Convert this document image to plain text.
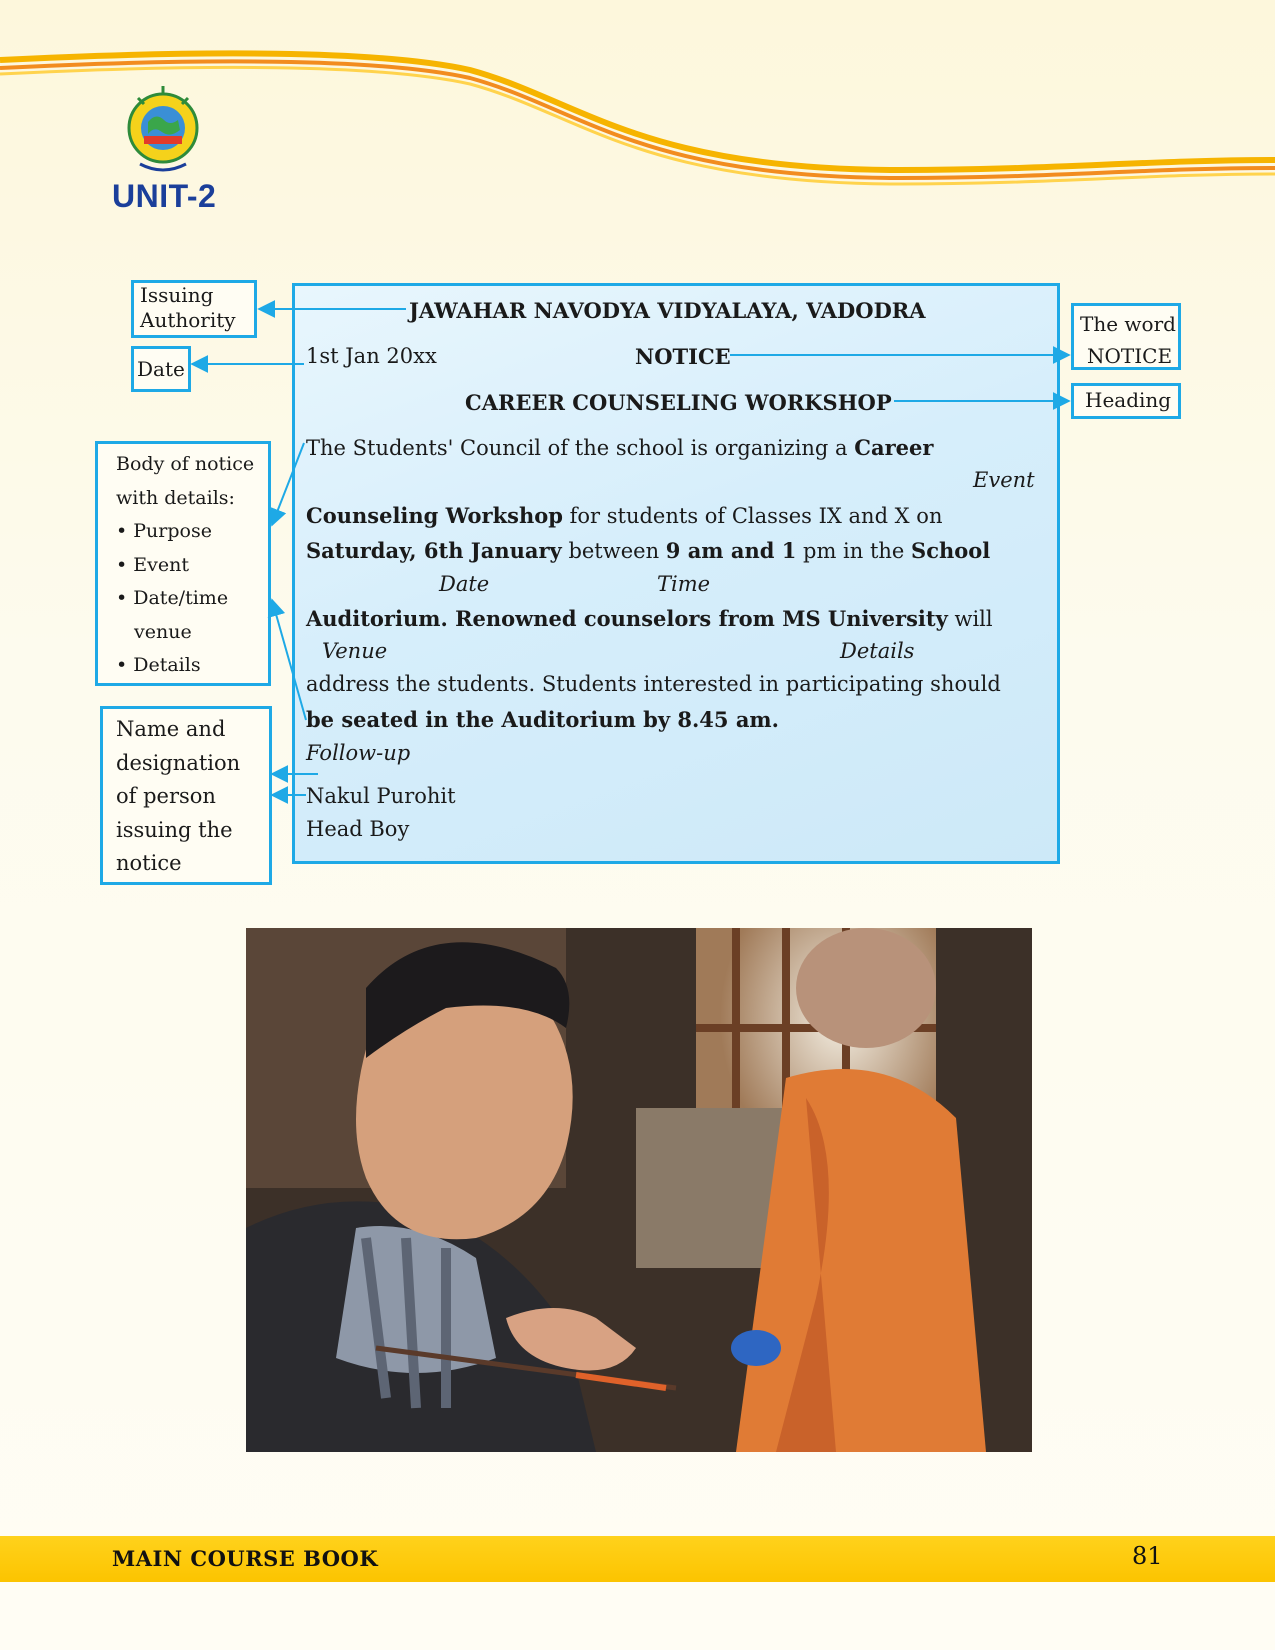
UNIT-2
JAWAHAR NAVODYA VIDYALAYA, VADODRA
1st Jan 20xx	NOTICE
CAREER COUNSELING WORKSHOP
The Students' Council of the school is organizing a Career
Event
Counseling Workshop for students of Classes IX and X on
Saturday, 6th January between 9 am and 1 pm in the School
Date	Time
Auditorium. Renowned counselors from MS University will
Venue	Details
address the students. Students interested in participating should
be seated in the Auditorium by 8.45 am.
Follow-up
Nakul Purohit
Head Boy
Issuing
Authority
Date
Body of notice
with details:
• Purpose
• Event
• Date/time
venue
• Details
Name and
designation
of person
issuing the
notice
The word
NOTICE
Heading
MAIN COURSE BOOK	81
